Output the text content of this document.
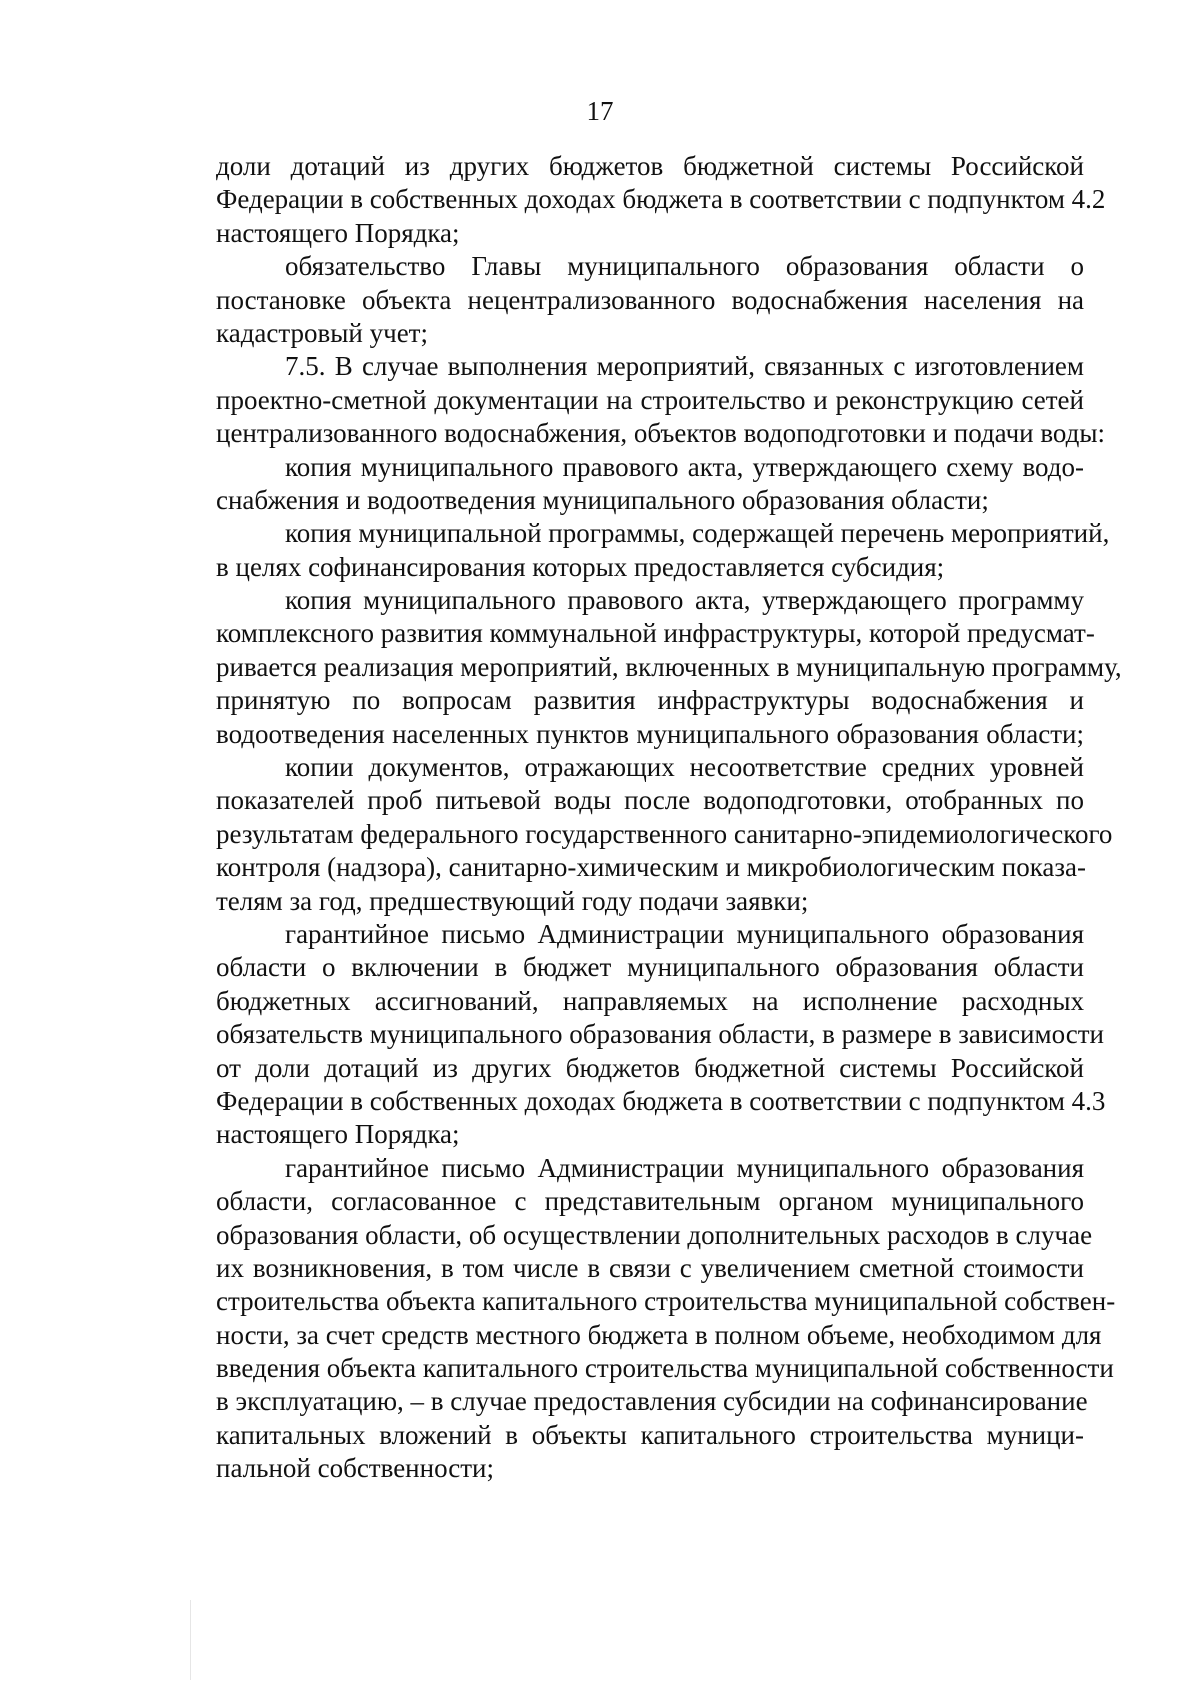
17
доли дотаций из других бюджетов бюджетной системы Российской
Федерации в собственных доходах бюджета в соответствии с подпунктом 4.2
настоящего Порядка;
обязательство Главы муниципального образования области о
постановке объекта нецентрализованного водоснабжения населения на
кадастровый учет;
7.5. В случае выполнения мероприятий, связанных с изготовлением
проектно-сметной документации на строительство и реконструкцию сетей
централизованного водоснабжения, объектов водоподготовки и подачи воды:
копия муниципального правового акта, утверждающего схему водо-
снабжения и водоотведения муниципального образования области;
копия муниципальной программы, содержащей перечень мероприятий,
в целях софинансирования которых предоставляется субсидия;
копия муниципального правового акта, утверждающего программу
комплексного развития коммунальной инфраструктуры, которой предусмат-
ривается реализация мероприятий, включенных в муниципальную программу,
принятую по вопросам развития инфраструктуры водоснабжения и
водоотведения населенных пунктов муниципального образования области;
копии документов, отражающих несоответствие средних уровней
показателей проб питьевой воды после водоподготовки, отобранных по
результатам федерального государственного санитарно-эпидемиологического
контроля (надзора), санитарно-химическим и микробиологическим показа-
телям за год, предшествующий году подачи заявки;
гарантийное письмо Администрации муниципального образования
области о включении в бюджет муниципального образования области
бюджетных ассигнований, направляемых на исполнение расходных
обязательств муниципального образования области, в размере в зависимости
от доли дотаций из других бюджетов бюджетной системы Российской
Федерации в собственных доходах бюджета в соответствии с подпунктом 4.3
настоящего Порядка;
гарантийное письмо Администрации муниципального образования
области, согласованное с представительным органом муниципального
образования области, об осуществлении дополнительных расходов в случае
их возникновения, в том числе в связи с увеличением сметной стоимости
строительства объекта капитального строительства муниципальной собствен-
ности, за счет средств местного бюджета в полном объеме, необходимом для
введения объекта капитального строительства муниципальной собственности
в эксплуатацию, – в случае предоставления субсидии на софинансирование
капитальных вложений в объекты капитального строительства муници-
пальной собственности;
